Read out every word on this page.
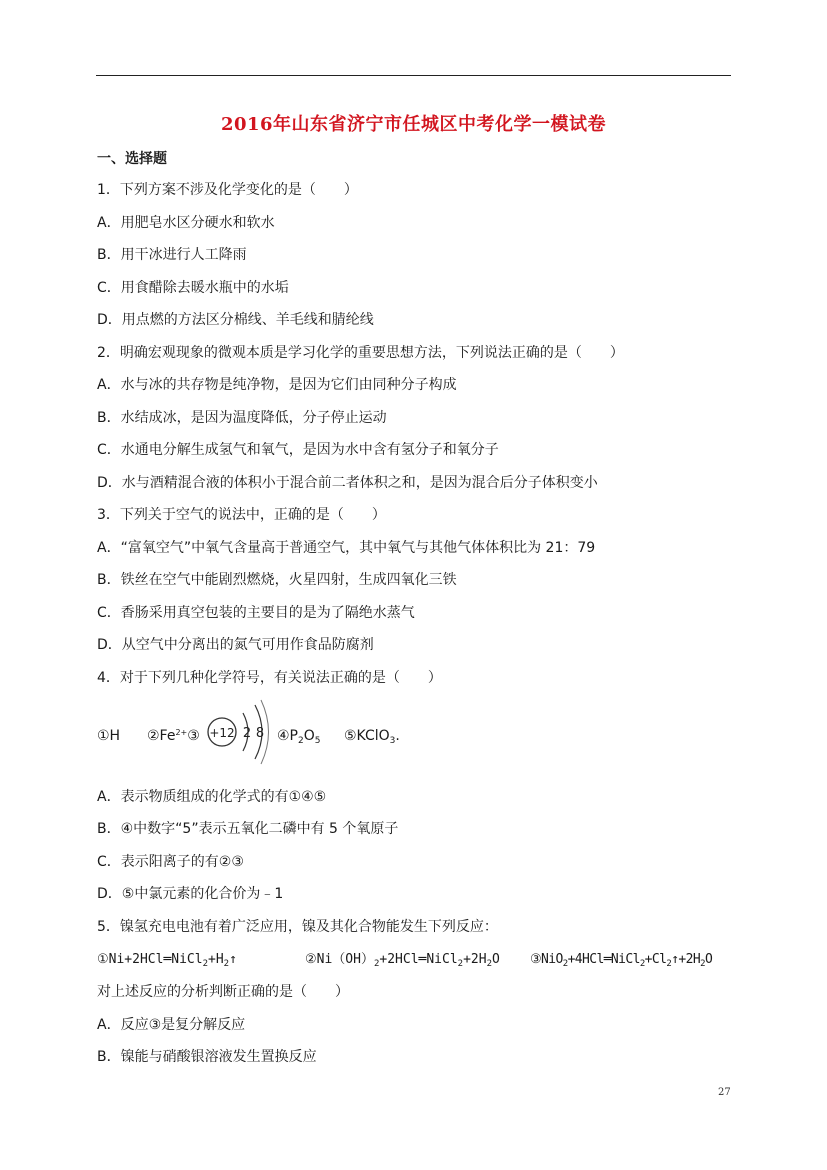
2016年山东省济宁市任城区中考化学一模试卷
一、选择题
1．下列方案不涉及化学变化的是（　　）
A．用肥皂水区分硬水和软水
B．用干冰进行人工降雨
C．用食醋除去暖水瓶中的水垢
D．用点燃的方法区分棉线、羊毛线和腈纶线
2．明确宏观现象的微观本质是学习化学的重要思想方法，下列说法正确的是（　　）
A．水与冰的共存物是纯净物，是因为它们由同种分子构成
B．水结成冰，是因为温度降低，分子停止运动
C．水通电分解生成氢气和氧气，是因为水中含有氢分子和氧分子
D．水与酒精混合液的体积小于混合前二者体积之和，是因为混合后分子体积变小
3．下列关于空气的说法中，正确的是（　　）
A．“富氧空气”中氧气含量高于普通空气，其中氧气与其他气体体积比为 21：79
B．铁丝在空气中能剧烈燃烧，火星四射，生成四氧化三铁
C．香肠采用真空包装的主要目的是为了隔绝水蒸气
D．从空气中分离出的氮气可用作食品防腐剂
4．对于下列几种化学符号，有关说法正确的是（　　）
①H $②Fe^{2+}③$	$④P_2O_5$ ⑤KClO$_3$.
+12 2 8
A．表示物质组成的化学式的有①④⑤
B．④中数字“5”表示五氧化二磷中有 5 个氧原子
C．表示阳离子的有②③
D．⑤中氯元素的化合价为﹣1
5．镍氢充电电池有着广泛应用，镍及其化合物能发生下列反应：
$①Ni+2HCl═NiCl_2+H_2↑$	$②Ni(OH)_2+2HCl═NiCl_2+2H_2O$ $③NiO_2+4HCl═NiCl_2+Cl_2↑+2H_2O$
对上述反应的分析判断正确的是（　　）
A．反应③是复分解反应
B．镍能与硝酸银溶液发生置换反应
27
